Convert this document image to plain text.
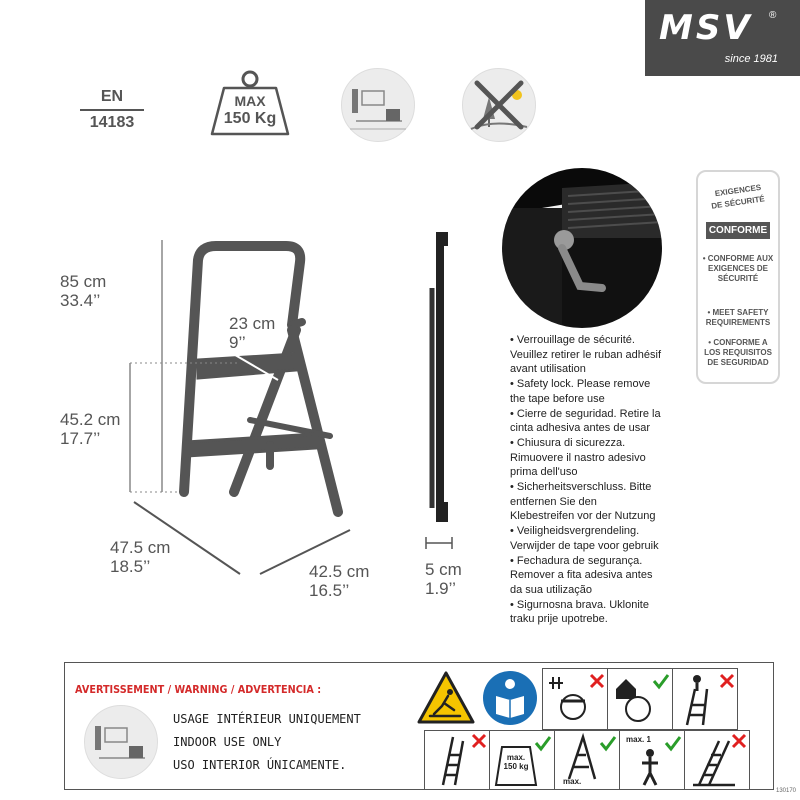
MSV ®
since 1981
EN
14183
MAX
150 Kg
85 cm
33.4’’
23 cm
9’’
45.2 cm
17.7’’
47.5 cm
18.5’’	42.5 cm
16.5’’
5 cm
1.9’’
EXIGENCES
DE SÉCURITÉ
CONFORME
• CONFORME AUX EXIGENCES DE SÉCURITÉ
• MEET SAFETY REQUIREMENTS
• CONFORME A LOS REQUISITOS DE SEGURIDAD
• Verrouillage de sécurité.
Veuillez retirer le ruban adhésif
avant utilisation
• Safety lock. Please remove
the tape before use
• Cierre de seguridad. Retire la
cinta adhesiva antes de usar
• Chiusura di sicurezza.
Rimuovere il nastro adesivo
prima dell'uso
• Sicherheitsverschluss. Bitte
entfernen Sie den
Klebestreifen vor der Nutzung
• Veiligheidsvergrendeling.
Verwijder de tape voor gebruik
• Fechadura de segurança.
Remover a fita adesiva antes
da sua utilização
• Sigurnosna brava. Uklonite
traku prije upotrebe.
AVERTISSEMENT / WARNING / ADVERTENCIA :
USAGE INTÉRIEUR UNIQUEMENT
INDOOR USE ONLY
USO INTERIOR ÚNICAMENTE.
max. 150 kg
max.
max. 1
130170
